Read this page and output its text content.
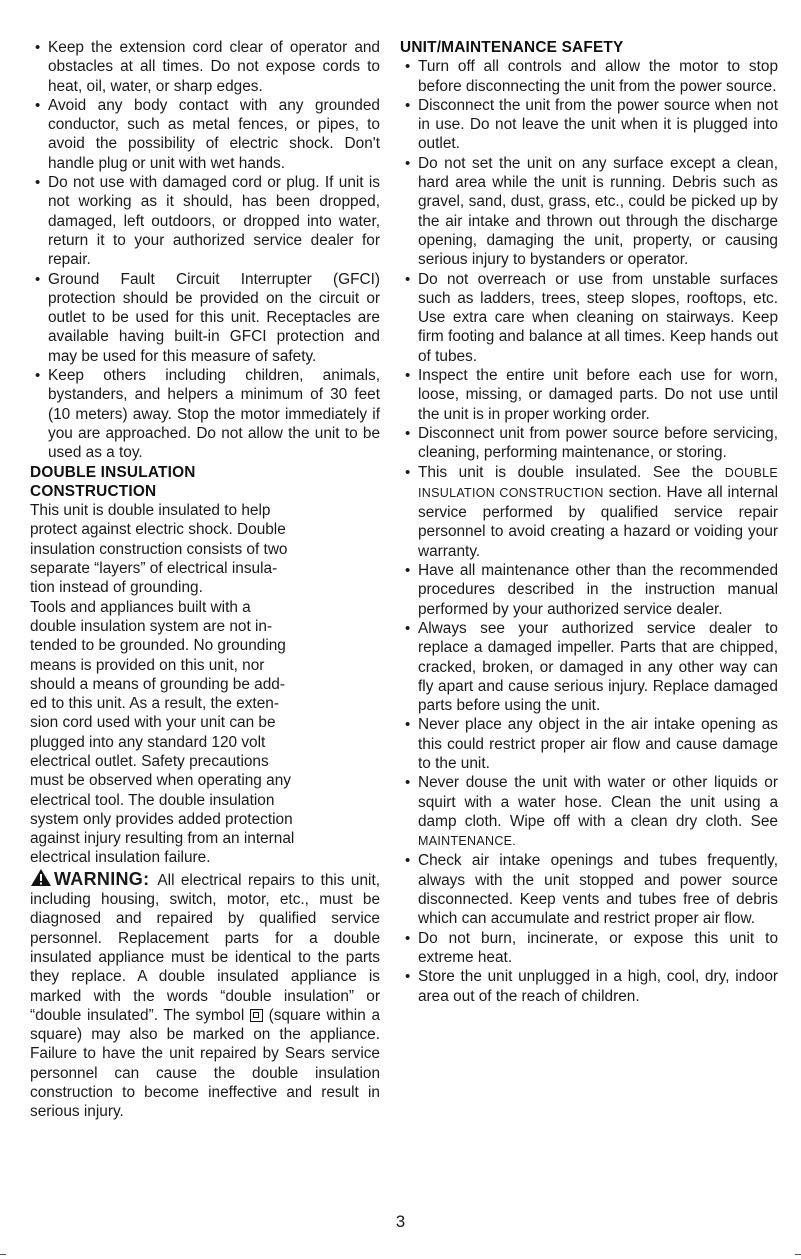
• Keep the extension cord clear of operator and obstacles at all times. Do not expose cords to heat, oil, water, or sharp edges.
• Avoid any body contact with any grounded conductor, such as metal fences, or pipes, to avoid the possibility of electric shock. Don't handle plug or unit with wet hands.
• Do not use with damaged cord or plug. If unit is not working as it should, has been dropped, damaged, left outdoors, or dropped into water, return it to your authorized service dealer for repair.
• Ground Fault Circuit Interrupter (GFCI) protection should be provided on the circuit or outlet to be used for this unit. Receptacles are available having built-in GFCI protection and may be used for this measure of safety.
• Keep others including children, animals, bystanders, and helpers a minimum of 30 feet (10 meters) away. Stop the motor immediately if you are approached. Do not allow the unit to be used as a toy.

DOUBLE INSULATION

CONSTRUCTION

This unit is double insulated to help
protect against electric shock. Double
insulation construction consists of two
separate “layers” of electrical insula-
tion instead of grounding.

Tools and appliances built with a
double insulation system are not in-
tended to be grounded. No grounding
means is provided on this unit, nor
should a means of grounding be add-
ed to this unit. As a result, the exten-
sion cord used with your unit can be
plugged into any standard 120 volt
electrical outlet. Safety precautions
must be observed when operating any
electrical tool. The double insulation
system only provides added protection
against injury resulting from an internal
electrical insulation failure.

WARNING: All electrical repairs to this unit, including housing, switch, motor, etc., must be diagnosed and repaired by qualified service personnel. Replacement parts for a double insulated appliance must be identical to the parts they replace. A double insulated appliance is marked with the words “double insulation” or “double insulated”. The symbol (square within a square) may also be marked on the appliance. Failure to have the unit repaired by Sears service personnel can cause the double insulation construction to become ineffective and result in serious injury.

UNIT/MAINTENANCE SAFETY

• Turn off all controls and allow the motor to stop before disconnecting the unit from the power source.
• Disconnect the unit from the power source when not in use. Do not leave the unit when it is plugged into outlet.
• Do not set the unit on any surface except a clean, hard area while the unit is running. Debris such as gravel, sand, dust, grass, etc., could be picked up by the air intake and thrown out through the discharge opening, damaging the unit, property, or causing serious injury to bystanders or operator.
• Do not overreach or use from unstable surfaces such as ladders, trees, steep slopes, rooftops, etc. Use extra care when cleaning on stairways. Keep firm footing and balance at all times. Keep hands out of tubes.
• Inspect the entire unit before each use for worn, loose, missing, or damaged parts. Do not use until the unit is in proper working order.
• Disconnect unit from power source before servicing, cleaning, performing maintenance, or storing.
• This unit is double insulated. See the DOUBLE INSULATION CONSTRUCTION section. Have all internal service performed by qualified service repair personnel to avoid creating a hazard or voiding your warranty.
• Have all maintenance other than the recommended procedures described in the instruction manual performed by your authorized service dealer.
• Always see your authorized service dealer to replace a damaged impeller. Parts that are chipped, cracked, broken, or damaged in any other way can fly apart and cause serious injury. Replace damaged parts before using the unit.
• Never place any object in the air intake opening as this could restrict proper air flow and cause damage to the unit.
• Never douse the unit with water or other liquids or squirt with a water hose. Clean the unit using a damp cloth. Wipe off with a clean dry cloth. See MAINTENANCE.
• Check air intake openings and tubes frequently, always with the unit stopped and power source disconnected. Keep vents and tubes free of debris which can accumulate and restrict proper air flow.
• Do not burn, incinerate, or expose this unit to extreme heat.
• Store the unit unplugged in a high, cool, dry, indoor area out of the reach of children.
3
